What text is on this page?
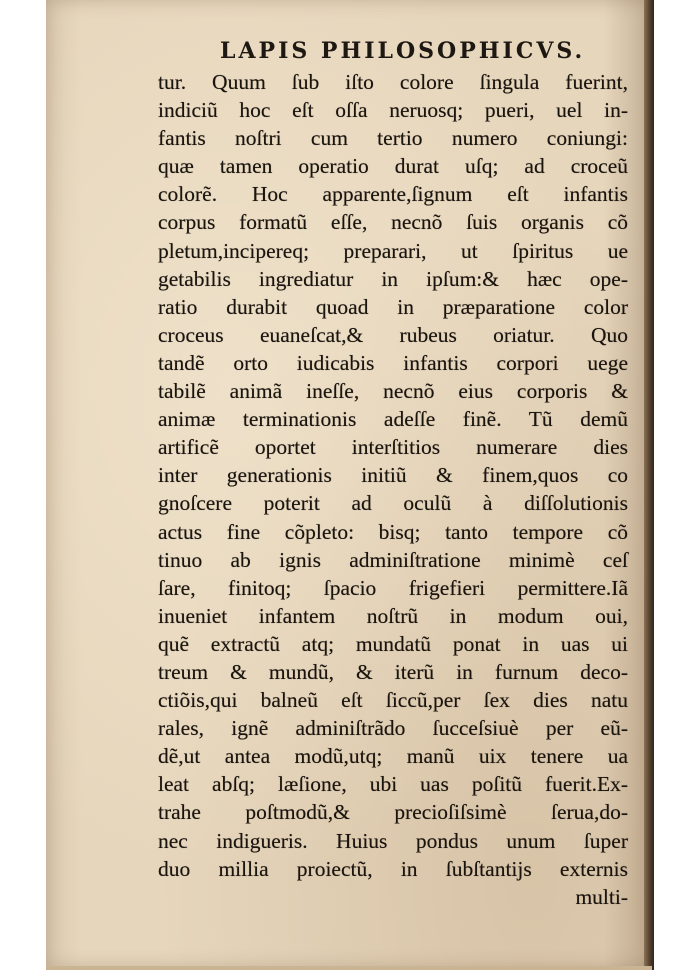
LAPIS PHILOSOPHICVS.
tur. Quum ſub iſto colore ſingula fuerint,
indiciũ hoc eſt oſſa neruosq; pueri, uel in-
fantis noſtri cum tertio numero coniungi:
quæ tamen operatio durat uſq; ad croceũ
colorẽ. Hoc apparente,ſignum eſt infantis
corpus formatũ eſſe, necnõ ſuis organis cõ
pletum,incipereq; preparari, ut ſpiritus ue
getabilis ingrediatur in ipſum:& hæc ope-
ratio durabit quoad in præparatione color
croceus euaneſcat,& rubeus oriatur. Quo
tandẽ orto iudicabis infantis corpori uege
tabilẽ animã ineſſe, necnõ eius corporis &
animæ terminationis adeſſe finẽ. Tũ demũ
artificẽ oportet interſtitios numerare dies
inter generationis initiũ & finem,quos co
gnoſcere poterit ad oculũ à diſſolutionis
actus fine cõpleto: bisq; tanto tempore cõ
tinuo ab ignis adminiſtratione minimè ceſ
ſare, finitoq; ſpacio frigefieri permittere.Iã
inueniet infantem noſtrũ in modum oui,
quẽ extractũ atq; mundatũ ponat in uas ui
treum & mundũ, & iterũ in furnum deco-
ctiõis,qui balneũ eſt ſiccũ,per ſex dies natu
rales, ignẽ adminiſtrãdo ſucceſsiuè per eũ-
dẽ,ut antea modũ,utq; manũ uix tenere ua
leat abſq; læſione, ubi uas poſitũ fuerit.Ex-
trahe poſtmodũ,& precioſiſsimè ſerua,do-
nec indigueris. Huius pondus unum ſuper
duo millia proiectũ, in ſubſtantijs externis
multi-
